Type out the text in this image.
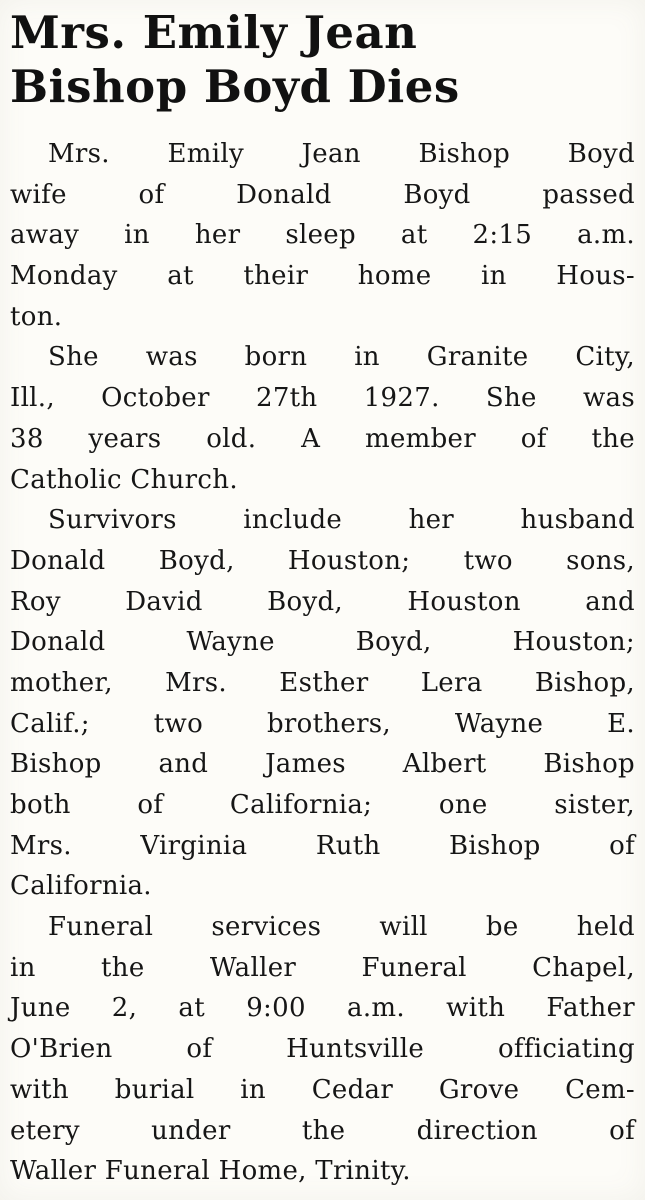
Mrs. Emily Jean
Bishop Boyd Dies
Mrs. Emily Jean Bishop Boyd
wife of Donald Boyd passed
away in her sleep at 2:15 a.m.
Monday at their home in Hous-
ton.
She was born in Granite City,
Ill., October 27th 1927. She was
38 years old. A member of the
Catholic Church.
Survivors include her husband
Donald Boyd, Houston; two sons,
Roy David Boyd, Houston and
Donald Wayne Boyd, Houston;
mother, Mrs. Esther Lera Bishop,
Calif.; two brothers, Wayne E.
Bishop and James Albert Bishop
both of California; one sister,
Mrs. Virginia Ruth Bishop of
California.
Funeral services will be held
in the Waller Funeral Chapel,
June 2, at 9:00 a.m. with Father
O'Brien of Huntsville officiating
with burial in Cedar Grove Cem-
etery under the direction of
Waller Funeral Home, Trinity.
